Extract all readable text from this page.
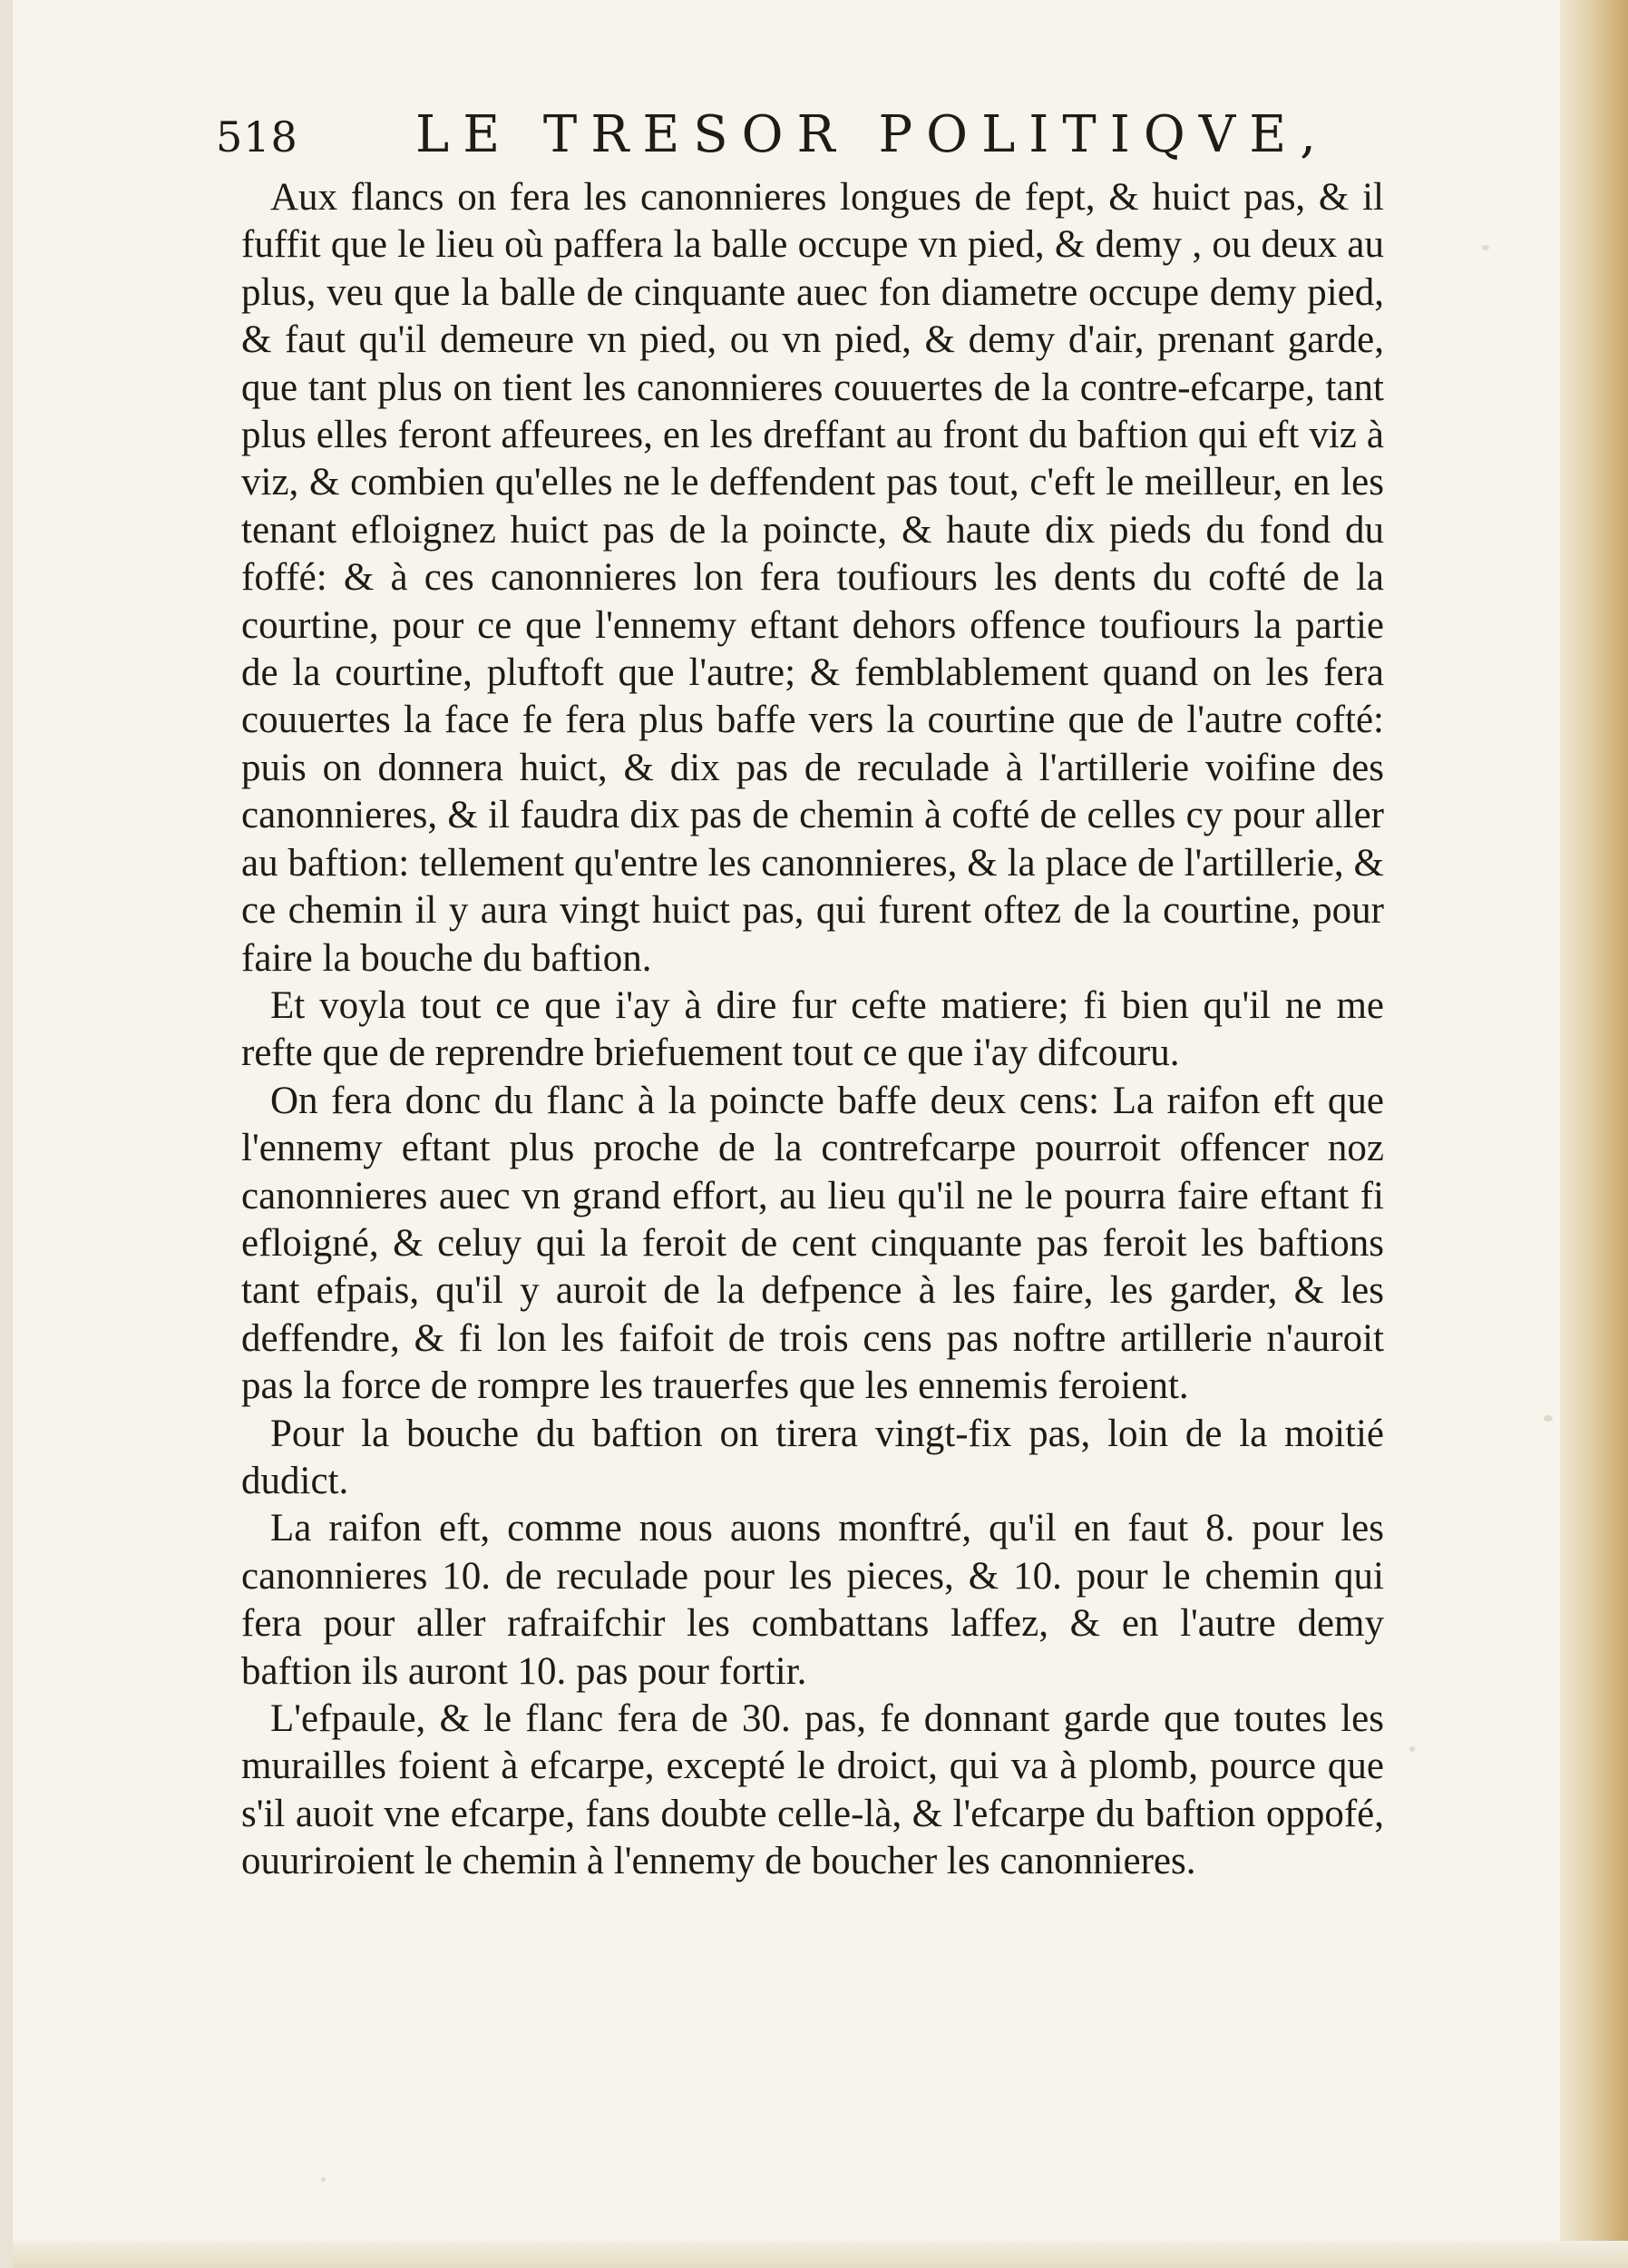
518 LE TRESOR POLITIQVE,

Aux flancs on fera les canonnieres longues de fept, & huict pas, & il fuffit que le lieu où paffera la balle occupe vn pied, & demy , ou deux au plus, veu que la balle de cinquante auec fon diametre occupe demy pied, & faut qu'il demeure vn pied, ou vn pied, & demy d'air, prenant garde, que tant plus on tient les canonnieres couuertes de la contre-efcarpe, tant plus elles feront affeurees, en les dreffant au front du baftion qui eft viz à viz, & combien qu'elles ne le deffendent pas tout, c'eft le meilleur, en les tenant efloignez huict pas de la poincte, & haute dix pieds du fond du foffé: & à ces canonnieres lon fera toufiours les dents du cofté de la courtine, pour ce que l'ennemy eftant dehors offence toufiours la partie de la courtine, pluftoft que l'autre; & femblablement quand on les fera couuertes la face fe fera plus baffe vers la courtine que de l'autre cofté: puis on donnera huict, & dix pas de reculade à l'artillerie voifine des canonnieres, & il faudra dix pas de chemin à cofté de celles cy pour aller au baftion: tellement qu'entre les canonnieres, & la place de l'artillerie, & ce chemin il y aura vingt huict pas, qui furent oftez de la courtine, pour faire la bouche du baftion.

Et voyla tout ce que i'ay à dire fur cefte matiere; fi bien qu'il ne me refte que de reprendre briefuement tout ce que i'ay difcouru.

On fera donc du flanc à la poincte baffe deux cens: La raifon eft que l'ennemy eftant plus proche de la contrefcarpe pourroit offencer noz canonnieres auec vn grand effort, au lieu qu'il ne le pourra faire eftant fi efloigné, & celuy qui la feroit de cent cinquante pas feroit les baftions tant efpais, qu'il y auroit de la defpence à les faire, les garder, & les deffendre, & fi lon les faifoit de trois cens pas noftre artillerie n'auroit pas la force de rompre les trauerfes que les ennemis feroient.

Pour la bouche du baftion on tirera vingt-fix pas, loin de la moitié dudict.

La raifon eft, comme nous auons monftré, qu'il en faut 8. pour les canonnieres 10. de reculade pour les pieces, & 10. pour le chemin qui fera pour aller rafraifchir les combattans laffez, & en l'autre demy baftion ils auront 10. pas pour fortir.

L'efpaule, & le flanc fera de 30. pas, fe donnant garde que toutes les murailles foient à efcarpe, excepté le droict, qui va à plomb, pource que s'il auoit vne efcarpe, fans doubte celle-là, & l'efcarpe du baftion oppofé, ouuriroient le chemin à l'ennemy de boucher les canonnieres.
